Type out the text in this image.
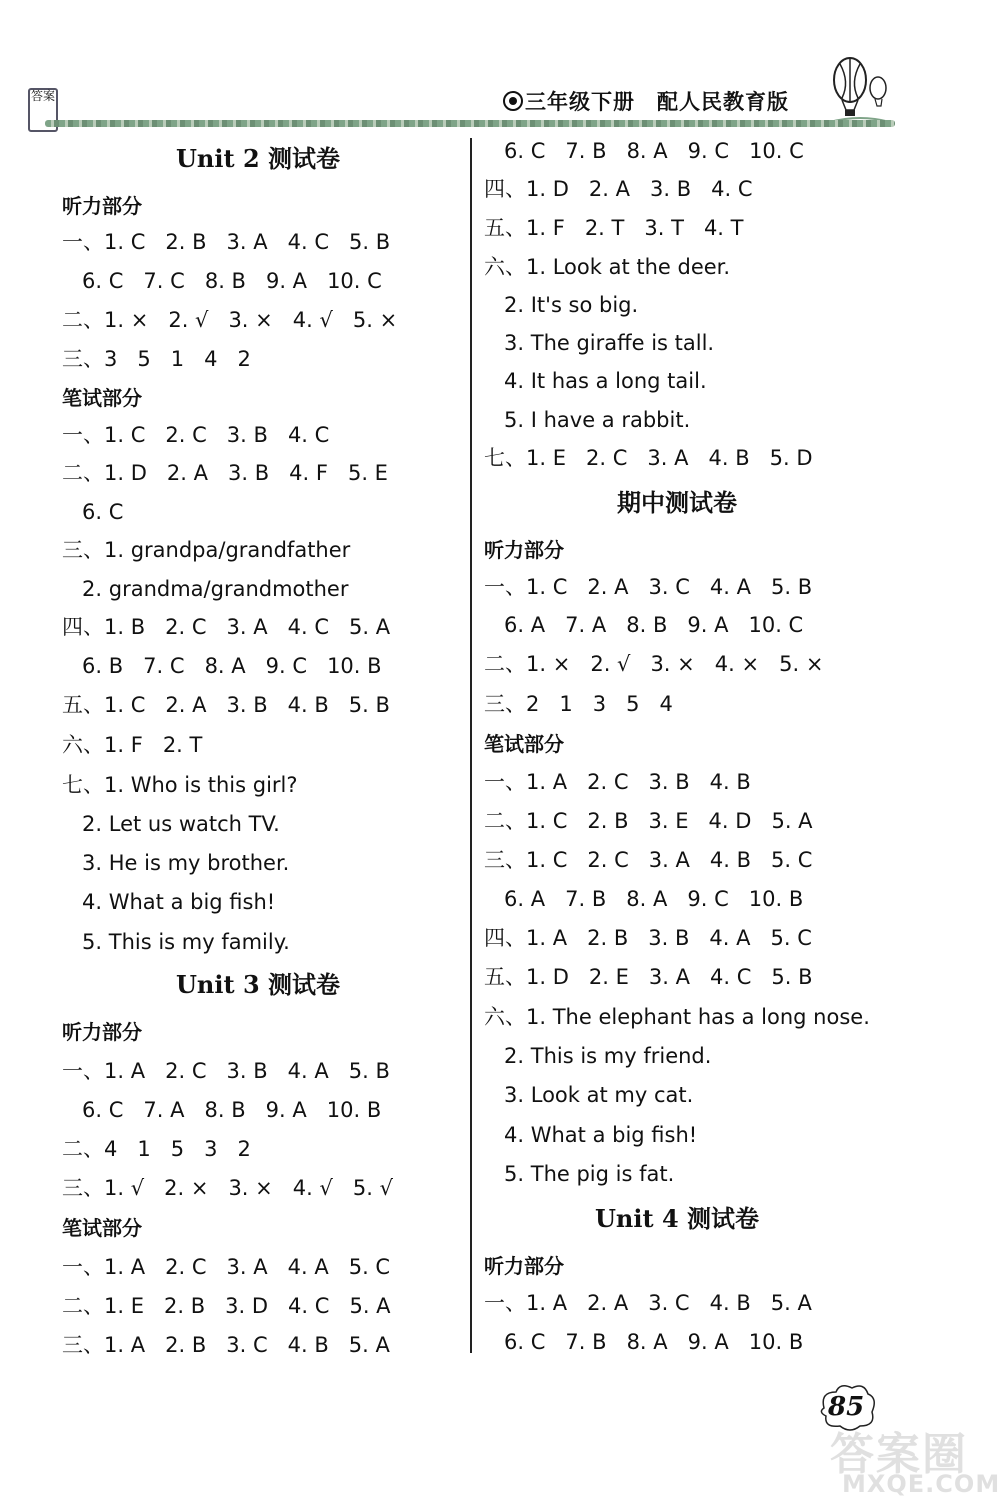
答案	三年级下册　配人民教育版
Unit 2 测试卷
听力部分
一、1. C   2. B   3. A   4. C   5. B
6. C   7. C   8. B   9. A   10. C
二、1. ×   2. √   3. ×   4. √   5. ×
三、3   5   1   4   2
笔试部分
一、1. C   2. C   3. B   4. C
二、1. D   2. A   3. B   4. F   5. E
6. C
三、1. grandpa/grandfather
2. grandma/grandmother
四、1. B   2. C   3. A   4. C   5. A
6. B   7. C   8. A   9. C   10. B
五、1. C   2. A   3. B   4. B   5. B
六、1. F   2. T
七、1. Who is this girl?
2. Let us watch TV.
3. He is my brother.
4. What a big fish!
5. This is my family.
Unit 3 测试卷
听力部分
一、1. A   2. C   3. B   4. A   5. B
6. C   7. A   8. B   9. A   10. B
二、4   1   5   3   2
三、1. √   2. ×   3. ×   4. √   5. √
笔试部分
一、1. A   2. C   3. A   4. A   5. C
二、1. E   2. B   3. D   4. C   5. A
三、1. A   2. B   3. C   4. B   5. A
6. C   7. B   8. A   9. C   10. C
四、1. D   2. A   3. B   4. C
五、1. F   2. T   3. T   4. T
六、1. Look at the deer.
2. It's so big.
3. The giraffe is tall.
4. It has a long tail.
5. I have a rabbit.
七、1. E   2. C   3. A   4. B   5. D
期中测试卷
听力部分
一、1. C   2. A   3. C   4. A   5. B
6. A   7. A   8. B   9. A   10. C
二、1. ×   2. √   3. ×   4. ×   5. ×
三、2   1   3   5   4
笔试部分
一、1. A   2. C   3. B   4. B
二、1. C   2. B   3. E   4. D   5. A
三、1. C   2. C   3. A   4. B   5. C
6. A   7. B   8. A   9. C   10. B
四、1. A   2. B   3. B   4. A   5. C
五、1. D   2. E   3. A   4. C   5. B
六、1. The elephant has a long nose.
2. This is my friend.
3. Look at my cat.
4. What a big fish!
5. The pig is fat.
Unit 4 测试卷
听力部分
一、1. A   2. A   3. C   4. B   5. A
6. C   7. B   8. A   9. A   10. B
85
答案圈
MXQE.COM
